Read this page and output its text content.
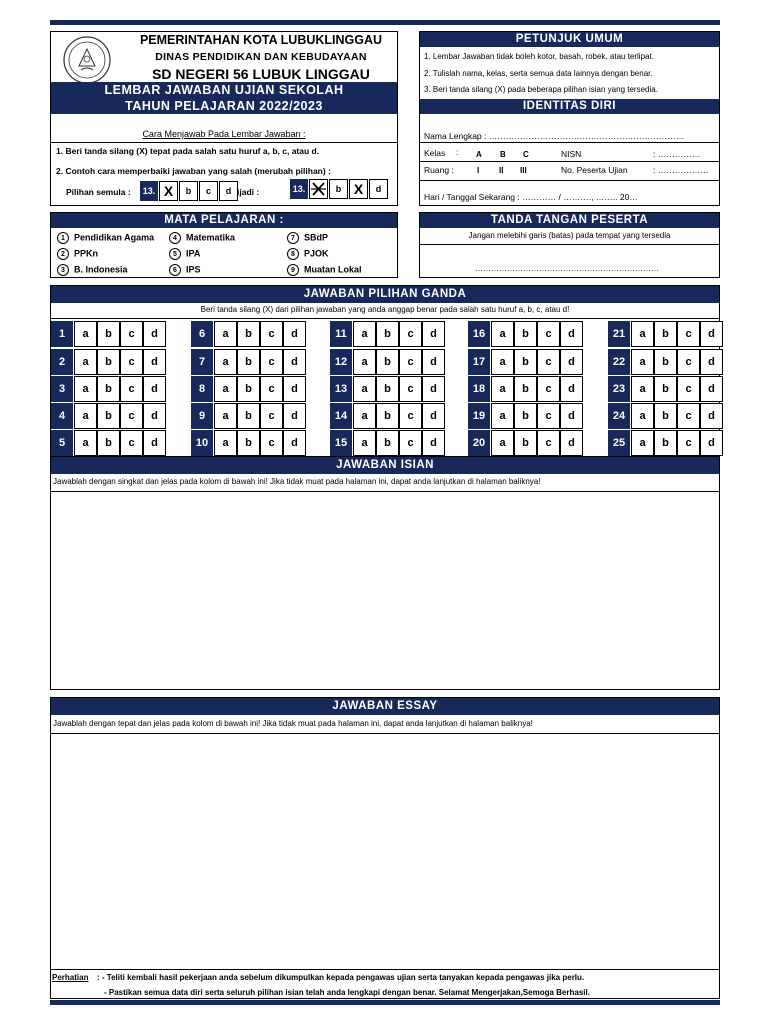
PEMERINTAHAN KOTA LUBUKLINGGAU
DINAS PENDIDIKAN DAN KEBUDAYAAN
SD NEGERI 56 LUBUK LINGGAU
LEMBAR JAWABAN UJIAN SEKOLAH
TAHUN PELAJARAN 2022/2023
Cara Menjawab Pada Lembar Jawaban :
1. Beri tanda silang (X) tepat pada salah satu huruf a, b, c, atau d.
2. Contoh cara memperbaiki jawaban yang salah (merubah pilihan) :
Pilihan semula :	13. X	b	c	d ijadi :	13.	b X	d
PETUNJUK UMUM
1. Lembar Jawaban tidak boleh kotor, basah, robek, atau terlipat.
2. Tulislah nama, kelas, serta semua data lainnya dengan benar.
3. Beri tanda silang (X) pada beberapa pilihan isian yang tersedia.
IDENTITAS DIRI
Nama Lengkap : ……………………………………………………………
Kelas : A B C	NISN	: ……………
Ruang :	I II III	No. Peserta Ujian	: ………………
Hari / Tanggal Sekarang : ………… / ………., …….. 20…
MATA PELAJARAN :
1 Pendidikan Agama
2 PPKn
3 B. Indonesia
4 Matematika
5 IPA
6 IPS
7 SBdP
8 PJOK
9 Muatan Lokal
TANDA TANGAN PESERTA
Jangan melebihi garis (batas) pada tempat yang tersedia
……………………………………………………………
JAWABAN PILIHAN GANDA
Beri tanda silang (X) dari pilihan jawaban yang anda anggap benar pada salah satu huruf a, b, c, atau d!
1	a	b	c	d
2	a	b	c	d
3	a	b	c	d
4	a	b	c	d
5	a	b	c	d
6	a	b	c	d
7	a	b	c	d
8	a	b	c	d
9	a	b	c	d
10	a	b	c	d
11	a	b	c	d
12	a	b	c	d
13	a	b	c	d
14	a	b	c	d
15	a	b	c	d
16	a	b	c	d
17	a	b	c	d
18	a	b	c	d
19	a	b	c	d
20	a	b	c	d
21	a	b	c	d
22	a	b	c	d
23	a	b	c	d
24	a	b	c	d
25	a	b	c	d
JAWABAN ISIAN
Jawablah dengan singkat dan jelas pada kolom di bawah ini! Jika tidak muat pada halaman ini, dapat anda lanjutkan di halaman baliknya!
JAWABAN ESSAY
Jawablah dengan tepat dan jelas pada kolom di bawah ini! Jika tidak muat pada halaman ini, dapat anda lanjutkan di halaman baliknya!
Perhatian : - Teliti kembali hasil pekerjaan anda sebelum dikumpulkan kepada pengawas ujian serta tanyakan kepada pengawas jika perlu.
- Pastikan semua data diri serta seluruh pilihan isian telah anda lengkapi dengan benar. Selamat Mengerjakan,Semoga Berhasil.
